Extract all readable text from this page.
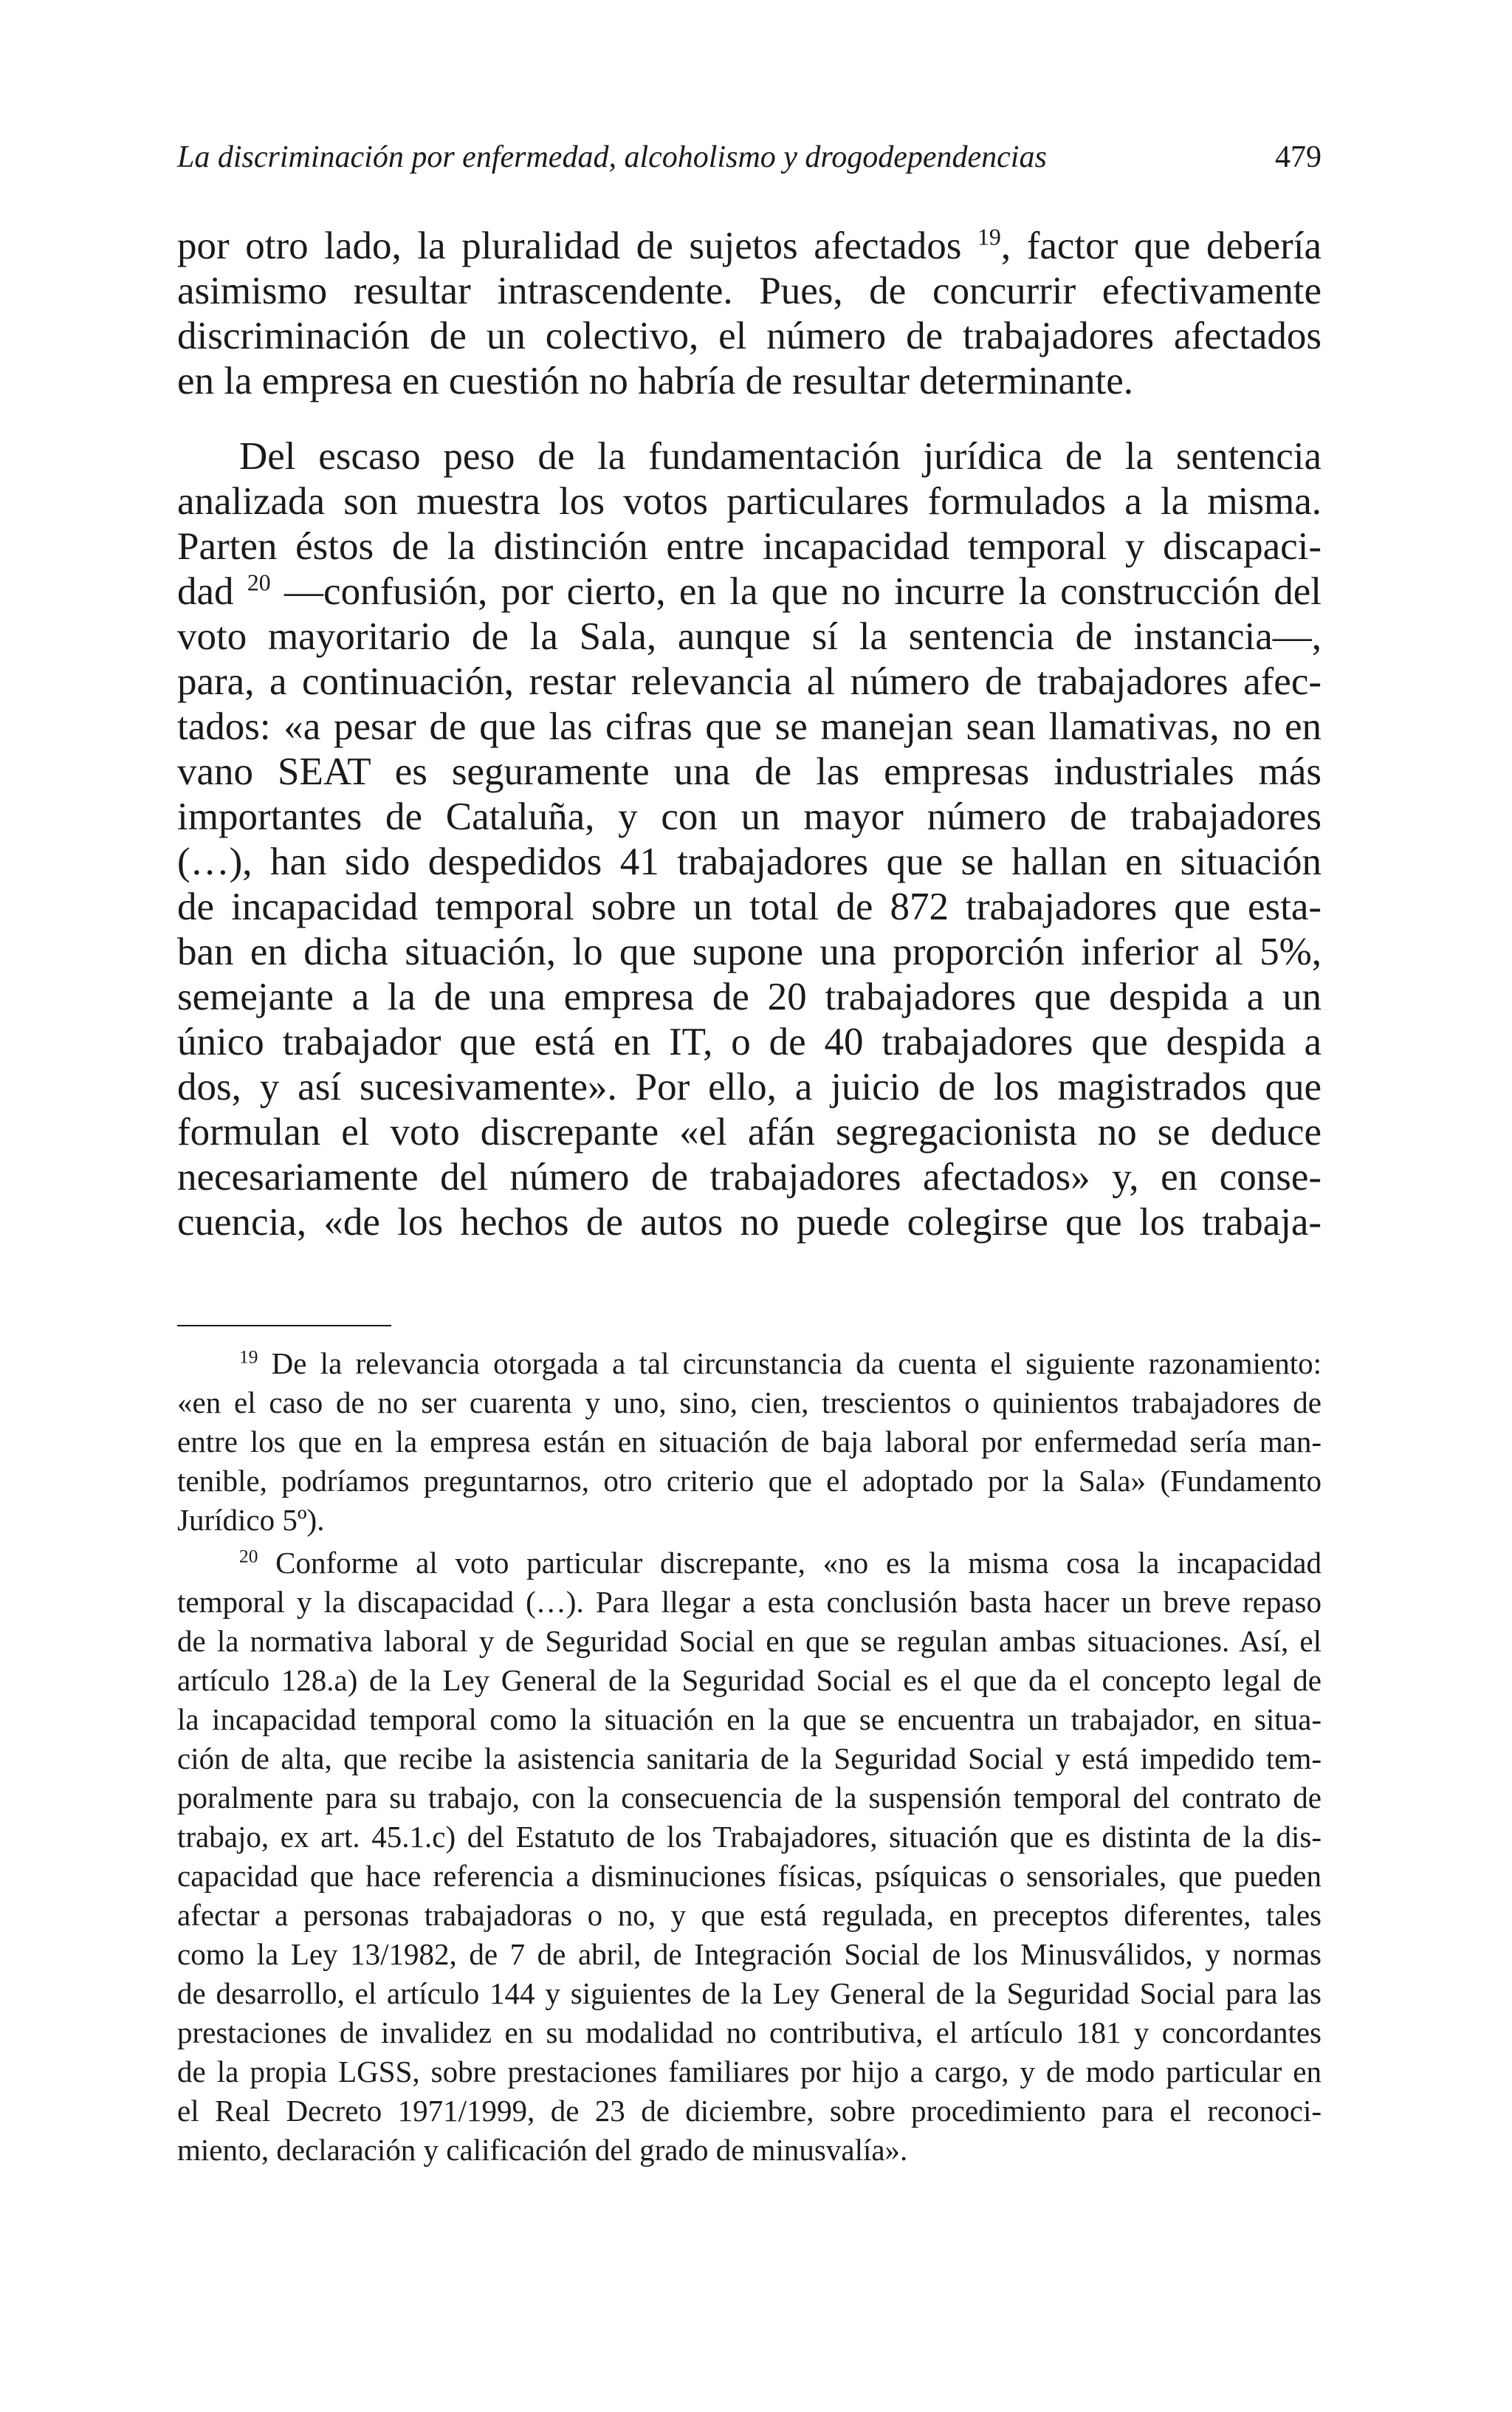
La discriminación por enfermedad, alcoholismo y drogodependencias	479
por otro lado, la pluralidad de sujetos afectados $^{19}$, factor que debería
asimismo resultar intrascendente. Pues, de concurrir efectivamente
discriminación de un colectivo, el número de trabajadores afectados
en la empresa en cuestión no habría de resultar determinante.
Del escaso peso de la fundamentación jurídica de la sentencia
analizada son muestra los votos particulares formulados a la misma.
Parten éstos de la distinción entre incapacidad temporal y discapaci-
dad $^{20}$ —confusión, por cierto, en la que no incurre la construcción del
voto mayoritario de la Sala, aunque sí la sentencia de instancia—,
para, a continuación, restar relevancia al número de trabajadores afec-
tados: «a pesar de que las cifras que se manejan sean llamativas, no en
vano SEAT es seguramente una de las empresas industriales más
importantes de Cataluña, y con un mayor número de trabajadores
(…), han sido despedidos 41 trabajadores que se hallan en situación
de incapacidad temporal sobre un total de 872 trabajadores que esta-
ban en dicha situación, lo que supone una proporción inferior al 5%,
semejante a la de una empresa de 20 trabajadores que despida a un
único trabajador que está en IT, o de 40 trabajadores que despida a
dos, y así sucesivamente». Por ello, a juicio de los magistrados que
formulan el voto discrepante «el afán segregacionista no se deduce
necesariamente del número de trabajadores afectados» y, en conse-
cuencia, «de los hechos de autos no puede colegirse que los trabaja-
$^{19}$ De la relevancia otorgada a tal circunstancia da cuenta el siguiente razonamiento:
«en el caso de no ser cuarenta y uno, sino, cien, trescientos o quinientos trabajadores de
entre los que en la empresa están en situación de baja laboral por enfermedad sería man-
tenible, podríamos preguntarnos, otro criterio que el adoptado por la Sala» (Fundamento
Jurídico 5º).
$^{20}$ Conforme al voto particular discrepante, «no es la misma cosa la incapacidad
temporal y la discapacidad (…). Para llegar a esta conclusión basta hacer un breve repaso
de la normativa laboral y de Seguridad Social en que se regulan ambas situaciones. Así, el
artículo 128.a) de la Ley General de la Seguridad Social es el que da el concepto legal de
la incapacidad temporal como la situación en la que se encuentra un trabajador, en situa-
ción de alta, que recibe la asistencia sanitaria de la Seguridad Social y está impedido tem-
poralmente para su trabajo, con la consecuencia de la suspensión temporal del contrato de
trabajo, ex art. 45.1.c) del Estatuto de los Trabajadores, situación que es distinta de la dis-
capacidad que hace referencia a disminuciones físicas, psíquicas o sensoriales, que pueden
afectar a personas trabajadoras o no, y que está regulada, en preceptos diferentes, tales
como la Ley 13/1982, de 7 de abril, de Integración Social de los Minusválidos, y normas
de desarrollo, el artículo 144 y siguientes de la Ley General de la Seguridad Social para las
prestaciones de invalidez en su modalidad no contributiva, el artículo 181 y concordantes
de la propia LGSS, sobre prestaciones familiares por hijo a cargo, y de modo particular en
el Real Decreto 1971/1999, de 23 de diciembre, sobre procedimiento para el reconoci-
miento, declaración y calificación del grado de minusvalía».
